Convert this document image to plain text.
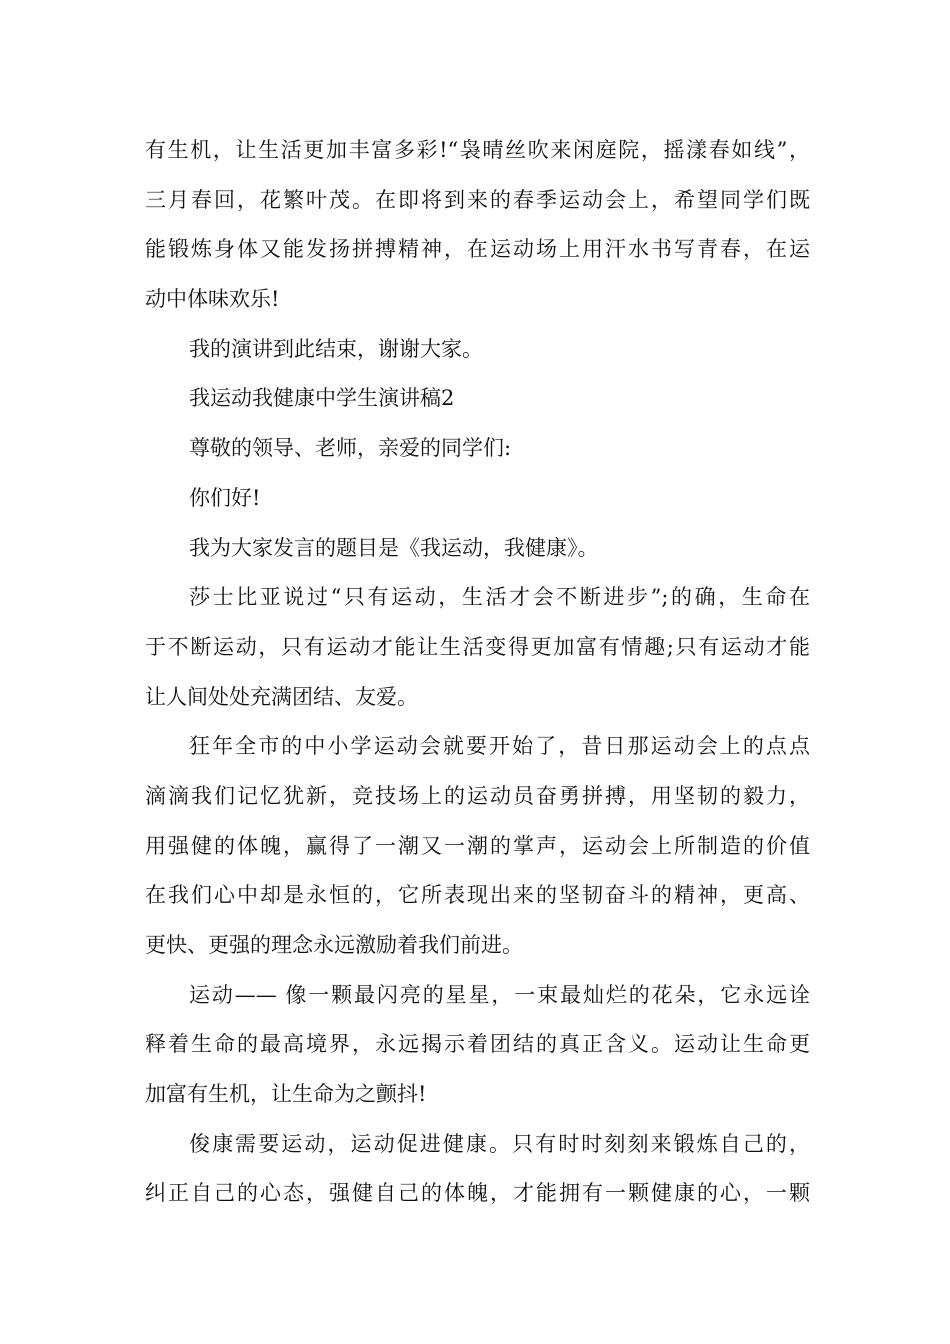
有生机，让生活更加丰富多彩!“袅晴丝吹来闲庭院，摇漾春如线”，
三月春回，花繁叶茂。在即将到来的春季运动会上，希望同学们既
能锻炼身体又能发扬拼搏精神，在运动场上用汗水书写青春，在运
动中体味欢乐!
我的演讲到此结束，谢谢大家。
我运动我健康中学生演讲稿2
尊敬的领导、老师，亲爱的同学们:
你们好!
我为大家发言的题目是《我运动，我健康》。
莎士比亚说过“只有运动，生活才会不断进步”;的确，生命在
于不断运动，只有运动才能让生活变得更加富有情趣;只有运动才能
让人间处处充满团结、友爱。
狂年全市的中小学运动会就要开始了，昔日那运动会上的点点
滴滴我们记忆犹新，竞技场上的运动员奋勇拼搏，用坚韧的毅力，
用强健的体魄，赢得了一潮又一潮的掌声，运动会上所制造的价值
在我们心中却是永恒的，它所表现出来的坚韧奋斗的精神，更高、
更快、更强的理念永远激励着我们前进。
运动—— 像一颗最闪亮的星星，一束最灿烂的花朵，它永远诠
释着生命的最高境界，永远揭示着团结的真正含义。运动让生命更
加富有生机，让生命为之颤抖!
俊康需要运动，运动促进健康。只有时时刻刻来锻炼自己的，
纠正自己的心态，强健自己的体魄，才能拥有一颗健康的心，一颗
